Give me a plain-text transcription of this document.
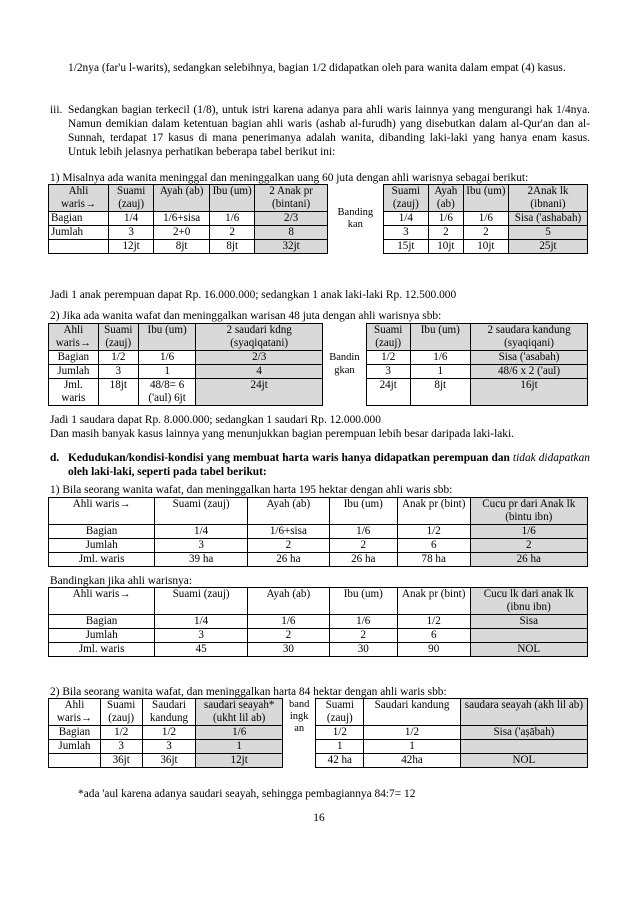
1/2nya (far'u l-warits), sedangkan selebihnya, bagian 1/2 didapatkan oleh para wanita dalam empat (4) kasus.
iii. Sedangkan bagian terkecil (1/8), untuk istri karena adanya para ahli waris lainnya yang mengurangi hak 1/4nya. Namun demikian dalam ketentuan bagian ahli waris (ashab al-furudh) yang disebutkan dalam al-Qur'an dan al-Sunnah, terdapat 17 kasus di mana penerimanya adalah wanita, dibanding laki-laki yang hanya enam kasus. Untuk lebih jelasnya perhatikan beberapa tabel berikut ini:
1) Misalnya ada wanita meninggal dan meninggalkan uang 60 juta dengan ahli warisnya sebagai berikut:
Ahli waris→	Suami (zauj)	Ayah (ab)	Ibu (um)	2 Anak pr (bintani)	Banding kan	Suami (zauj)	Ayah (ab)	Ibu (um)	2Anak lk (ibnani)
Bagian	1/4	1/6+sisa	1/6	2/3		1/4	1/6	1/6	Sisa ('ashabah)
Jumlah	3	2+0	2	8		3	2	2	5
	12jt	8jt	8jt	32jt		15jt	10jt	10jt	25jt
Jadi 1 anak perempuan dapat Rp. 16.000.000; sedangkan 1 anak laki-laki Rp. 12.500.000
2) Jika ada wanita wafat dan meninggalkan warisan 48 juta dengan ahli warisnya sbb:
Ahli waris→	Suami (zauj)	Ibu (um)	2 saudari kdng (syaqiqatani)	Bandin gkan	Suami (zauj)	Ibu (um)	2 saudara kandung (syaqiqani)
Bagian	1/2	1/6	2/3		1/2	1/6	Sisa ('asabah)
Jumlah	3	1	4		3	1	48/6 x 2 ('aul)
Jml. waris	18jt	48/8= 6 ('aul) 6jt	24jt		24jt	8jt	16jt
Jadi 1 saudara dapat Rp. 8.000.000; sedangkan 1 saudari Rp. 12.000.000
Dan masih banyak kasus lainnya yang menunjukkan bagian perempuan lebih besar daripada laki-laki.
d. Kedudukan/kondisi-kondisi yang membuat harta waris hanya didapatkan perempuan dan tidak didapatkan oleh laki-laki, seperti pada tabel berikut:
1) Bila seorang wanita wafat, dan meninggalkan harta 195 hektar dengan ahli waris sbb:
Ahli waris→	Suami (zauj)	Ayah (ab)	Ibu (um)	Anak pr (bint)	Cucu pr dari Anak lk (bintu ibn)
Bagian	1/4	1/6+sisa	1/6	1/2	1/6
Jumlah	3	2	2	6	2
Jml. waris	39 ha	26 ha	26 ha	78 ha	26 ha
Bandingkan jika ahli warisnya:
Ahli waris→	Suami (zauj)	Ayah (ab)	Ibu (um)	Anak pr (bint)	Cucu lk dari anak lk (ibnu ibn)
Bagian	1/4	1/6	1/6	1/2	Sisa
Jumlah	3	2	2	6	
Jml. waris	45	30	30	90	NOL
2) Bila seorang wanita wafat, dan meninggalkan harta 84 hektar dengan ahli waris sbb:
Ahli waris→	Suami (zauj)	Saudari kandung	saudari seayah* (ukht lil ab)	band ingk an	Suami (zauj)	Saudari kandung	saudara seayah (akh lil ab)
Bagian	1/2	1/2	1/6		1/2	1/2	Sisa ('aṣābah)
Jumlah	3	3	1		1	1	
	36jt	36jt	12jt		42 ha	42ha	NOL
*ada 'aul karena adanya saudari seayah, sehingga pembagiannya 84:7= 12
16
